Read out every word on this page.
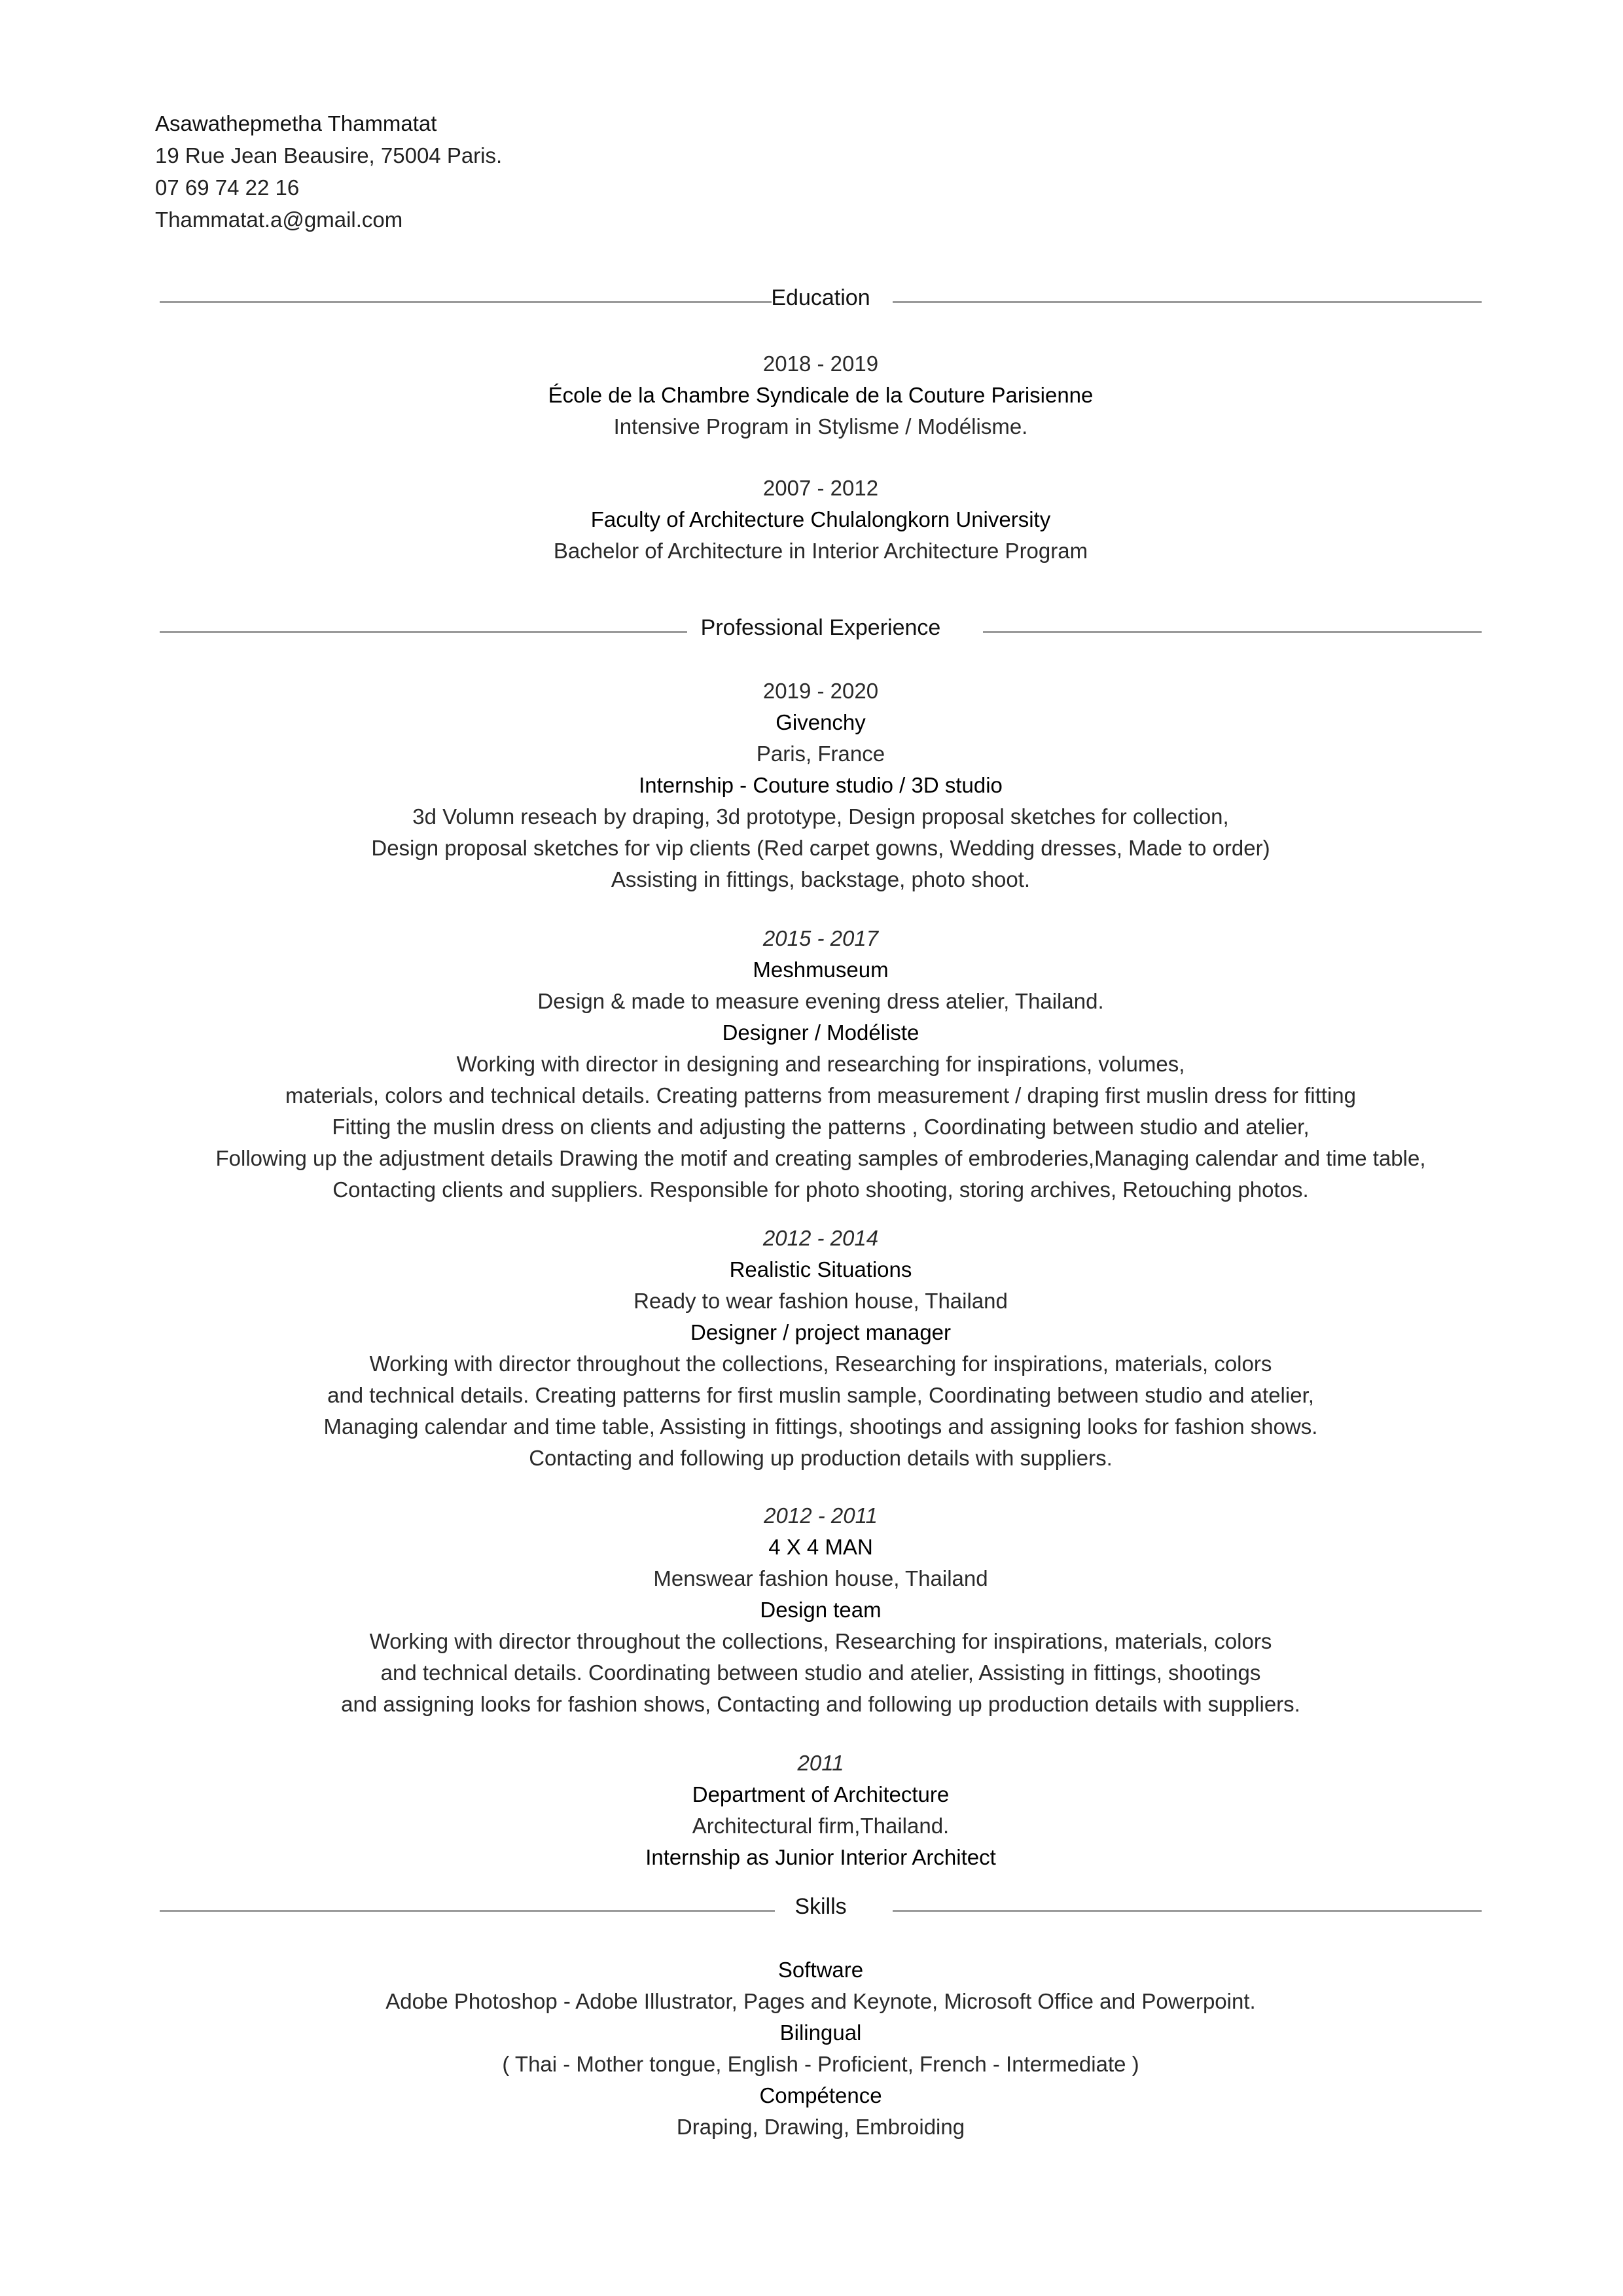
Asawathepmetha Thammatat
19 Rue Jean Beausire, 75004 Paris.
07 69 74 22 16
Thammatat.a@gmail.com
Education

2018 - 2019

École de la Chambre Syndicale de la Couture Parisienne

Intensive Program in Stylisme / Modélisme.

2007 - 2012

Faculty of Architecture Chulalongkorn University

Bachelor of Architecture in Interior Architecture Program

Professional Experience

2019 - 2020

Givenchy

Paris, France

Internship - Couture studio / 3D studio

3d Volumn reseach by draping, 3d prototype, Design proposal sketches for collection,

Design proposal sketches for vip clients (Red carpet gowns, Wedding dresses, Made to order)

Assisting in fittings, backstage, photo shoot.

2015 - 2017

Meshmuseum

Design & made to measure evening dress atelier, Thailand.

Designer / Modéliste

Working with director in designing and researching for inspirations, volumes,

materials, colors and technical details. Creating patterns from measurement / draping first muslin dress for fitting

Fitting the muslin dress on clients and adjusting the patterns , Coordinating between studio and atelier,

Following up the adjustment details Drawing the motif and creating samples of embroderies,Managing calendar and time table,

Contacting clients and suppliers. Responsible for photo shooting, storing archives, Retouching photos.

2012 - 2014

Realistic Situations

Ready to wear fashion house, Thailand

Designer / project manager

Working with director throughout the collections, Researching for inspirations, materials, colors

and technical details. Creating patterns for first muslin sample, Coordinating between studio and atelier,

Managing calendar and time table, Assisting in fittings, shootings and assigning looks for fashion shows.

Contacting and following up production details with suppliers.

2012 - 2011

4 X 4 MAN

Menswear fashion house, Thailand

Design team

Working with director throughout the collections, Researching for inspirations, materials, colors

and technical details. Coordinating between studio and atelier, Assisting in fittings, shootings

and assigning looks for fashion shows, Contacting and following up production details with suppliers.

2011

Department of Architecture

Architectural firm,Thailand.

Internship as Junior Interior Architect

Skills

Software

Adobe Photoshop - Adobe Illustrator, Pages and Keynote, Microsoft Office and Powerpoint.

Bilingual

( Thai - Mother tongue, English - Proficient, French - Intermediate )

Compétence

Draping, Drawing, Embroiding
